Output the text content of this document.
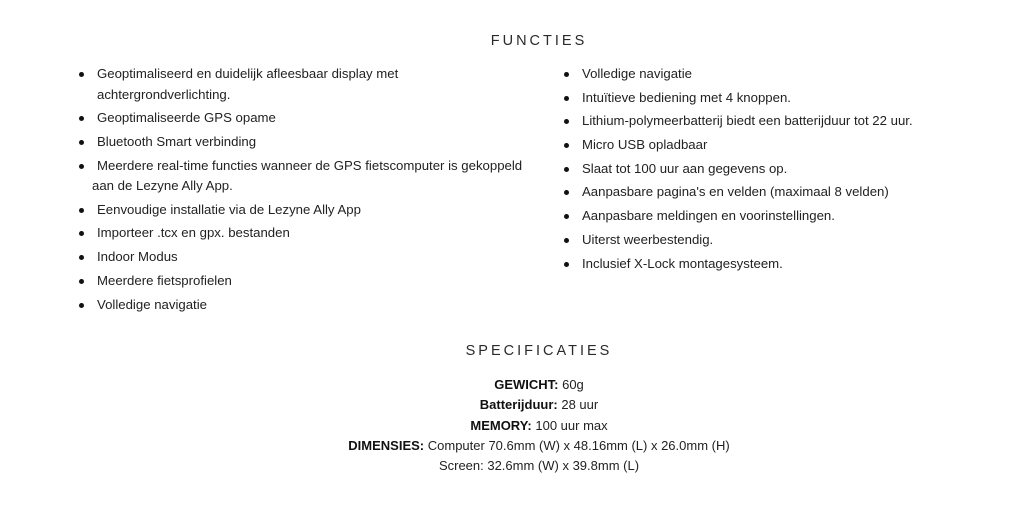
FUNCTIES
Geoptimaliseerd en duidelijk afleesbaar display met achtergrondverlichting.
Geoptimaliseerde GPS opame
Bluetooth Smart verbinding
Meerdere real-time functies wanneer de GPS fietscomputer is gekoppeld
aan de Lezyne Ally App.
Eenvoudige installatie via de Lezyne Ally App
Importeer .tcx en gpx. bestanden
Indoor Modus
Meerdere fietsprofielen
Volledige navigatie
Volledige navigatie
Intuïtieve bediening met 4 knoppen.
Lithium-polymeerbatterij biedt een batterijduur tot 22 uur.
Micro USB opladbaar
Slaat tot 100 uur aan gegevens op.
Aanpasbare pagina's en velden (maximaal 8 velden)
Aanpasbare meldingen en voorinstellingen.
Uiterst weerbestendig.
Inclusief X-Lock montagesysteem.
SPECIFICATIES
GEWICHT: 60g
Batterijduur: 28 uur
MEMORY: 100 uur max
DIMENSIES: Computer 70.6mm (W) x 48.16mm (L) x 26.0mm (H)
Screen: 32.6mm (W) x 39.8mm (L)
